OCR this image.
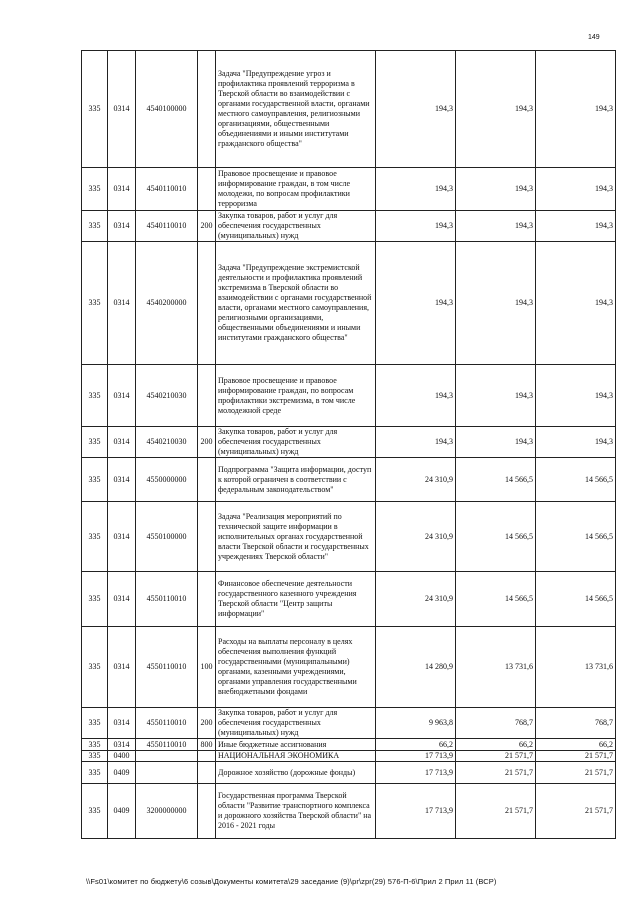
149
335	0314	4540100000		Задача "Предупреждение угроз и профилактика проявлений терроризма в Тверской области во взаимодействии с органами государственной власти, органами местного самоуправления, религиозными организациями, общественными объединениями и иными институтами гражданского общества"	194,3	194,3	194,3
335	0314	4540110010		Правовое просвещение и правовое информирование граждан, в том числе молодежи, по вопросам профилактики терроризма	194,3	194,3	194,3
335	0314	4540110010	200	Закупка товаров, работ и услуг для обеспечения государственных (муниципальных) нужд	194,3	194,3	194,3
335	0314	4540200000		Задача "Предупреждение экстремистской деятельности и профилактика проявлений экстремизма в Тверской области во взаимодействии с органами государственной власти, органами местного самоуправления, религиозными организациями, общественными объединениями и иными институтами гражданского общества"	194,3	194,3	194,3
335	0314	4540210030		Правовое просвещение и правовое информирование граждан, по вопросам профилактики экстремизма, в том числе молодежной среде	194,3	194,3	194,3
335	0314	4540210030	200	Закупка товаров, работ и услуг для обеспечения государственных (муниципальных) нужд	194,3	194,3	194,3
335	0314	4550000000		Подпрограмма "Защита информации, доступ к которой ограничен в соответствии с федеральным законодательством"	24 310,9	14 566,5	14 566,5
335	0314	4550100000		Задача "Реализация мероприятий по технической защите информации в исполнительных органах государственной власти Тверской области и государственных учреждениях Тверской области"	24 310,9	14 566,5	14 566,5
335	0314	4550110010		Финансовое обеспечение деятельности государственного казенного учреждения Тверской области "Центр защиты информации"	24 310,9	14 566,5	14 566,5
335	0314	4550110010	100	Расходы на выплаты персоналу в целях обеспечения выполнения функций государственными (муниципальными) органами, казенными учреждениями, органами управления государственными внебюджетными фондами	14 280,9	13 731,6	13 731,6
335	0314	4550110010	200	Закупка товаров, работ и услуг для обеспечения государственных (муниципальных) нужд	9 963,8	768,7	768,7
335	0314	4550110010	800	Иные бюджетные ассигнования	66,2	66,2	66,2
335	0400			НАЦИОНАЛЬНАЯ ЭКОНОМИКА	17 713,9	21 571,7	21 571,7
335	0409			Дорожное хозяйство (дорожные фонды)	17 713,9	21 571,7	21 571,7
335	0409	3200000000		Государственная программа Тверской области "Развитие транспортного комплекса и дорожного хозяйства Тверской области" на 2016 - 2021 годы	17 713,9	21 571,7	21 571,7
\\Fs01\комитет по бюджету\6 созыв\Документы комитета\29 заседание (9)\pr\zpr(29) 576-П-6\Прил 2 Прил 11 (ВСР)
